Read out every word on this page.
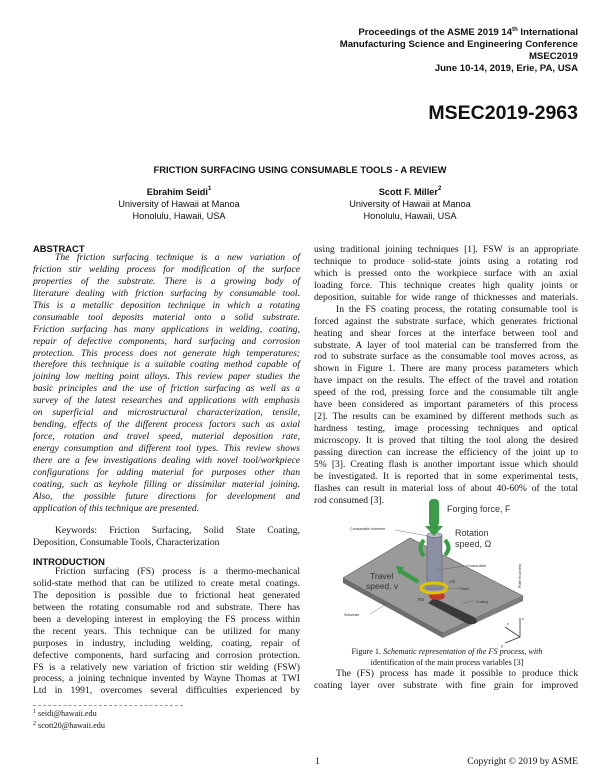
Proceedings of the ASME 2019 14th International
Manufacturing Science and Engineering Conference
MSEC2019
June 10-14, 2019, Erie, PA, USA
MSEC2019-2963
FRICTION SURFACING USING CONSUMABLE TOOLS - A REVIEW
Ebrahim Seidi$^1$
University of Hawaii at Manoa
Honolulu, Hawaii, USA
Scott F. Miller$^2$
University of Hawaii at Manoa
Honolulu, Hawaii, USA
ABSTRACT
The friction surfacing technique is a new variation of
friction stir welding process for modification of the surface
properties of the substrate. There is a growing body of
literature dealing with friction surfacing by consumable tool.
This is a metallic deposition technique in which a rotating
consumable tool deposits material onto a solid substrate.
Friction surfacing has many applications in welding, coating,
repair of defective components, hard surfacing and corrosion
protection. This process does not generate high temperatures;
therefore this technique is a suitable coating method capable of
joining low melting point alloys. This review paper studies the
basic principles and the use of friction surfacing as well as a
survey of the latest researches and applications with emphasis
on superficial and microstructural characterization, tensile,
bending, effects of the different process factors such as axial
force, rotation and travel speed, material deposition rate,
energy consumption and different tool types. This review shows
there are a few investigations dealing with novel tool/workpiece
configurations for adding material for purposes other than
coating, such as keyhole filling or dissimilar material joining.
Also, the possible future directions for development and
application of this technique are presented.
Keywords: Friction Surfacing, Solid State Coating,
Deposition, Consumable Tools, Characterization
INTRODUCTION
Friction surfacing (FS) process is a thermo-mechanical
solid-state method that can be utilized to create metal coatings.
The deposition is possible due to frictional heat generated
between the rotating consumable rod and substrate. There has
been a developing interest in employing the FS process within
the recent years. This technique can be utilized for many
purposes in industry, including welding, coating, repair of
defective components, hard surfacing and corrosion protection.
FS is a relatively new variation of friction stir welding (FSW)
process, a joining technique invented by Wayne Thomas at TWI
Ltd in 1991, overcomes several difficulties experienced by
$^1$ seidi@hawaii.edu
$^2$ scott20@hawaii.edu
using traditional joining techniques [1]. FSW is an appropriate
technique to produce solid-state joints using a rotating rod
which is pressed onto the workpiece surface with an axial
loading force. This technique creates high quality joints or
deposition, suitable for wide range of thicknesses and materials.
In the FS coating process, the rotating consumable tool is
forced against the substrate surface, which generates frictional
heating and shear forces at the interface between tool and
substrate. A layer of tool material can be transferred from the
rod to substrate surface as the consumable tool moves across, as
shown in Figure 1. There are many process parameters which
have impact on the results. The effect of the travel and rotation
speed of the rod, pressing force and the consumable tilt angle
have been considered as important parameters of this process
[2]. The results can be examined by different methods such as
hardness testing, image processing techniques and optical
microscopy. It is proved that tilting the tool along the desired
passing direction can increase the efficiency of the joint up to
5% [3]. Creating flash is another important issue which should
be investigated. It is reported that in some experimental tests,
flashes can result in material loss of about 40-60% of the total
rod consumed [3].
Forging force, F
Rotation
speed, Ω
Travel
speed, v
Consumable diameter
Consumable
AS
Flash
RS	Coating
Substrate
Plate thickness
x
z
y
Figure 1. Schematic representation of the FS process, with
identification of the main process variables [3]
The (FS) process has made it possible to produce thick
coating layer over substrate with fine grain for improved
1	Copyright © 2019 by ASME
